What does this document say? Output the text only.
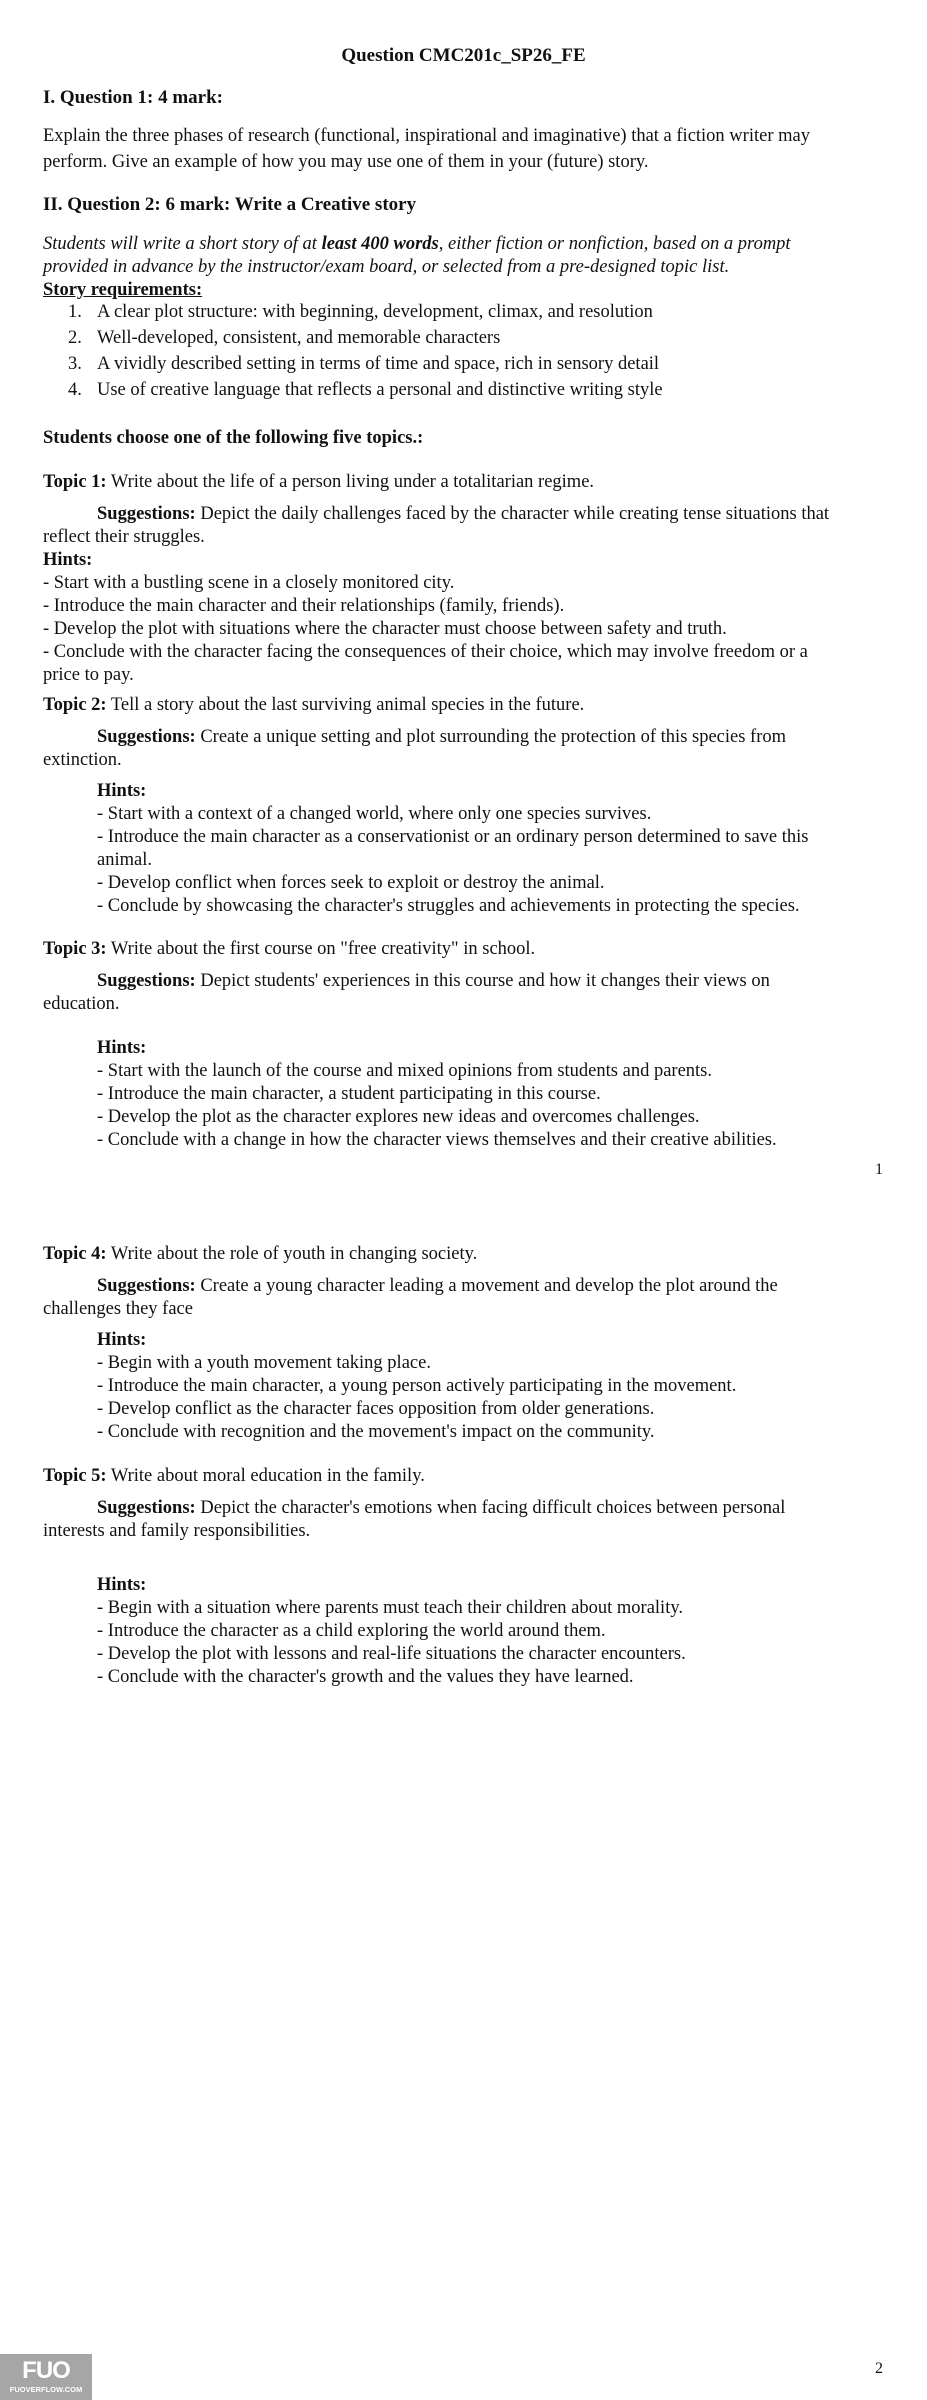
Question CMC201c_SP26_FE
I. Question 1: 4 mark:
Explain the three phases of research (functional, inspirational and imaginative) that a fiction writer may
perform. Give an example of how you may use one of them in your (future) story.
II. Question 2: 6 mark: Write a Creative story
Students will write a short story of at least 400 words, either fiction or nonfiction, based on a prompt
provided in advance by the instructor/exam board, or selected from a pre-designed topic list.
Story requirements:
1. A clear plot structure: with beginning, development, climax, and resolution
2. Well-developed, consistent, and memorable characters
3. A vividly described setting in terms of time and space, rich in sensory detail
4. Use of creative language that reflects a personal and distinctive writing style
Students choose one of the following five topics.:
Topic 1: Write about the life of a person living under a totalitarian regime.
Suggestions: Depict the daily challenges faced by the character while creating tense situations that
reflect their struggles.
Hints:
- Start with a bustling scene in a closely monitored city.
- Introduce the main character and their relationships (family, friends).
- Develop the plot with situations where the character must choose between safety and truth.
- Conclude with the character facing the consequences of their choice, which may involve freedom or a
price to pay.
Topic 2: Tell a story about the last surviving animal species in the future.
Suggestions: Create a unique setting and plot surrounding the protection of this species from
extinction.
Hints:
- Start with a context of a changed world, where only one species survives.
- Introduce the main character as a conservationist or an ordinary person determined to save this
animal.
- Develop conflict when forces seek to exploit or destroy the animal.
- Conclude by showcasing the character's struggles and achievements in protecting the species.
Topic 3: Write about the first course on "free creativity" in school.
Suggestions: Depict students' experiences in this course and how it changes their views on
education.
Hints:
- Start with the launch of the course and mixed opinions from students and parents.
- Introduce the main character, a student participating in this course.
- Develop the plot as the character explores new ideas and overcomes challenges.
- Conclude with a change in how the character views themselves and their creative abilities.
1
Topic 4: Write about the role of youth in changing society.
Suggestions: Create a young character leading a movement and develop the plot around the
challenges they face
Hints:
- Begin with a youth movement taking place.
- Introduce the main character, a young person actively participating in the movement.
- Develop conflict as the character faces opposition from older generations.
- Conclude with recognition and the movement's impact on the community.
Topic 5: Write about moral education in the family.
Suggestions: Depict the character's emotions when facing difficult choices between personal
interests and family responsibilities.
Hints:
- Begin with a situation where parents must teach their children about morality.
- Introduce the character as a child exploring the world around them.
- Develop the plot with lessons and real-life situations the character encounters.
- Conclude with the character's growth and the values they have learned.
2
FUO
FUOVERFLOW.COM
